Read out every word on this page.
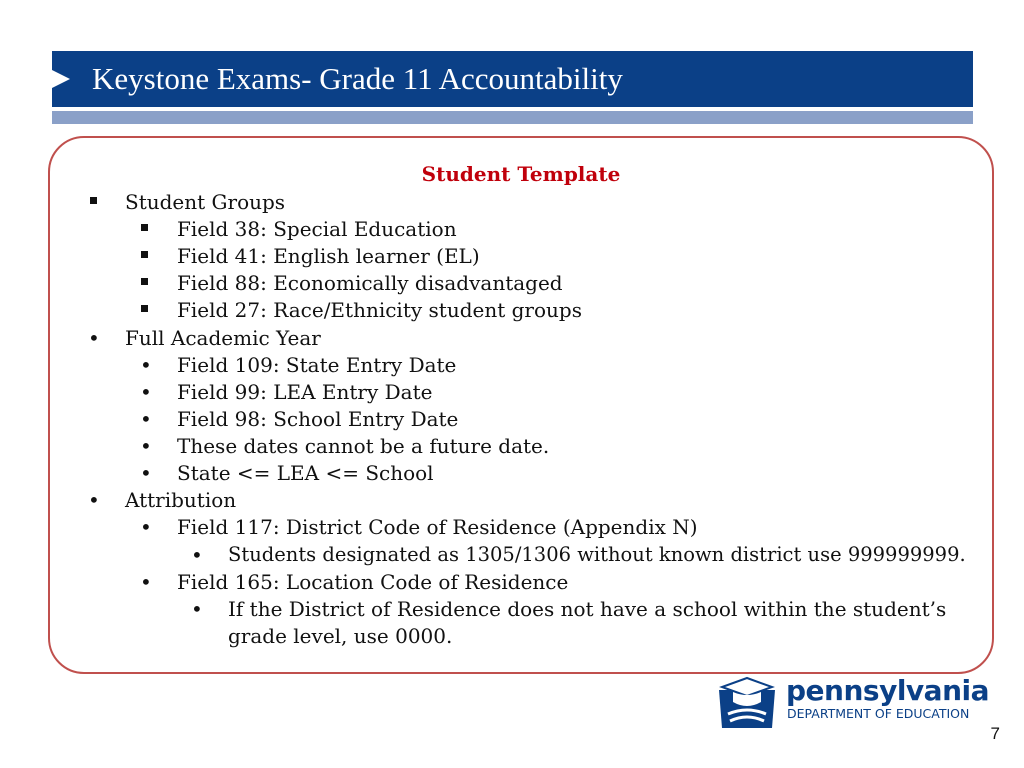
Keystone Exams- Grade 11 Accountability
Student Template
Student Groups
Field 38: Special Education
Field 41: English learner (EL)
Field 88: Economically disadvantaged
Field 27: Race/Ethnicity student groups
• Full Academic Year
• Field 109: State Entry Date
• Field 99: LEA Entry Date
• Field 98: School Entry Date
• These dates cannot be a future date.
• State <= LEA <= School
• Attribution
• Field 117: District Code of Residence (Appendix N)
• Students designated as 1305/1306 without known district use 999999999.
• Field 165: Location Code of Residence
• If the District of Residence does not have a school within the student’s
grade level, use 0000.
pennsylvania
DEPARTMENT OF EDUCATION
7
